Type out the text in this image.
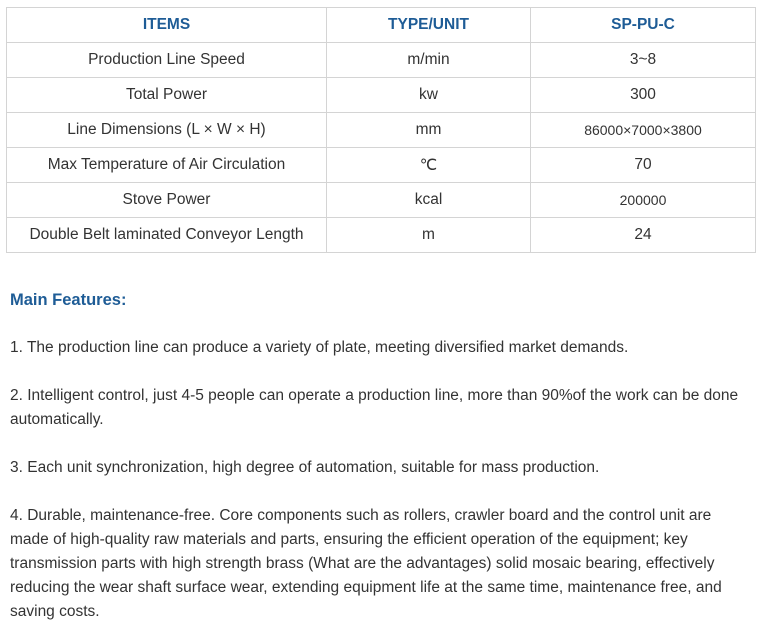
ITEMS	TYPE/UNIT	SP-PU-C
Production Line Speed	m/min	3~8
Total Power	kw	300
Line Dimensions (L × W × H)	mm	86000×7000×3800
Max Temperature of Air Circulation	℃	70
Stove Power	kcal	200000
Double Belt laminated Conveyor Length	m	24
Main Features:

1. The production line can produce a variety of plate, meeting diversified market demands.

2. Intelligent control, just 4-5 people can operate a production line, more than 90%of the work can be done automatically.

3. Each unit synchronization, high degree of automation, suitable for mass production.

4. Durable, maintenance-free. Core components such as rollers, crawler board and the control unit are made of high-quality raw materials and parts, ensuring the efficient operation of the equipment; key transmission parts with high strength brass (What are the advantages) solid mosaic bearing, effectively reducing the wear shaft surface wear, extending equipment life at the same time, maintenance free, and saving costs.
